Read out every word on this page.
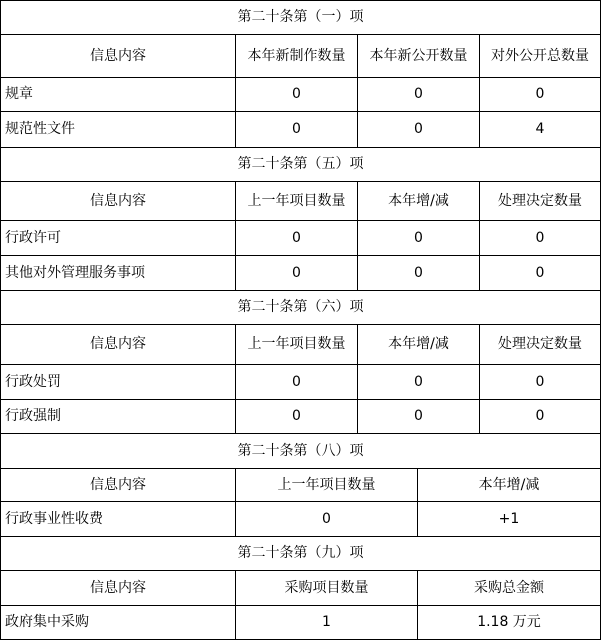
第二十条第（一）项				
信息内容	本年新制作数量	本年新公开数量		对外公开总数量
规章	0	0		0
规范性文件	0	0		4
第二十条第（五）项				
信息内容	上一年项目数量	本年增/减		处理决定数量
行政许可	0	0		0
其他对外管理服务事项	0	0		0
第二十条第（六）项				
信息内容	上一年项目数量	本年增/减		处理决定数量
行政处罚	0	0		0
行政强制	0	0		0
第二十条第（八）项				
信息内容	上一年项目数量		本年增/减	
行政事业性收费	0		+1	
第二十条第（九）项				
信息内容	采购项目数量		采购总金额	
政府集中采购	1		1.18 万元	
